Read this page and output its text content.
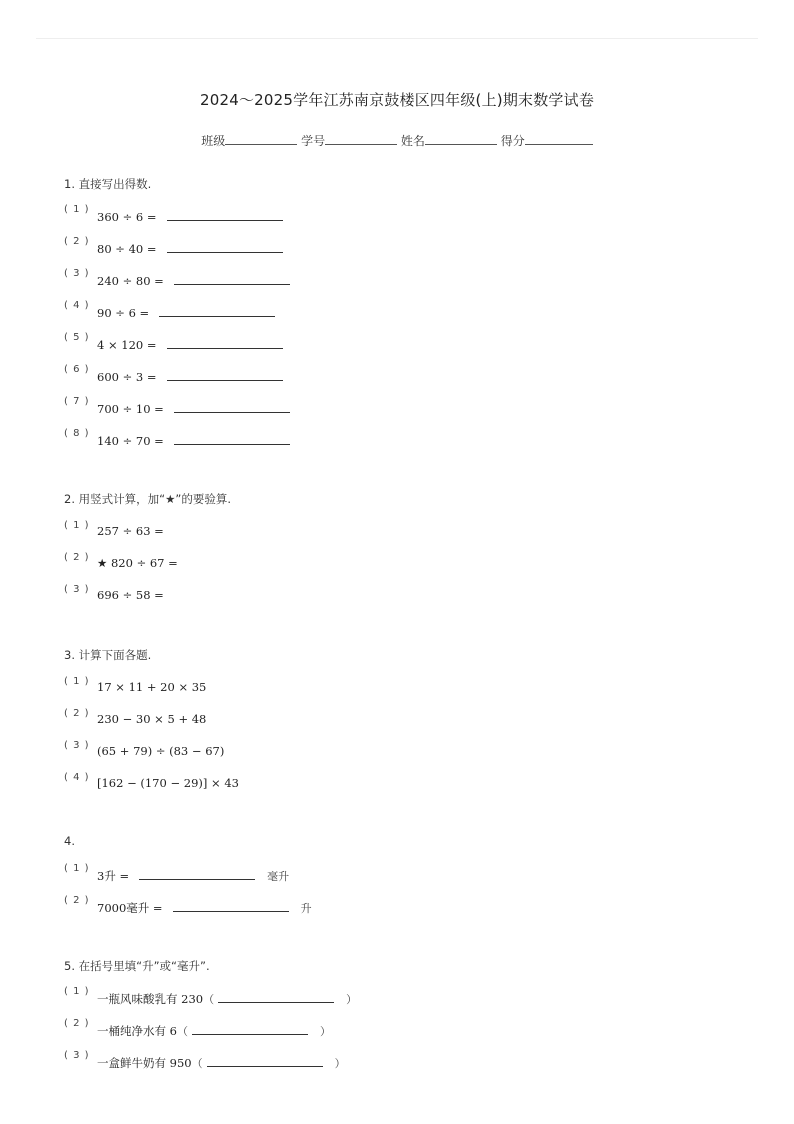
2024～2025学年江苏南京鼓楼区四年级(上)期末数学试卷
班级	学号	姓名	得分
1. 直接写出得数.
( 1 )
360 ÷ 6 =
( 2 )
80 ÷ 40 =
( 3 )
240 ÷ 80 =
( 4 )
90 ÷ 6 =
( 5 )
4 × 120 =
( 6 )
600 ÷ 3 =
( 7 )
700 ÷ 10 =
( 8 )
140 ÷ 70 =
2. 用竖式计算，加“★”的要验算.
( 1 ) 257 ÷ 63 =
( 2 ) ★ 820 ÷ 67 =
( 3 ) 696 ÷ 58 =
3. 计算下面各题.
( 1 ) 17 × 11 + 20 × 35
( 2 ) 230 − 30 × 5 + 48
( 3 ) (65 + 79) ÷ (83 − 67)
( 4 ) [162 − (170 − 29)] × 43
4.
( 1 )
3升 =	毫升
( 2 )
7000毫升 =	升
5. 在括号里填“升”或“毫升”.
( 1 )
一瓶风味酸乳有 230（	）
( 2 )
一桶纯净水有 6（	）
( 3 )
一盒鲜牛奶有 950（	）
